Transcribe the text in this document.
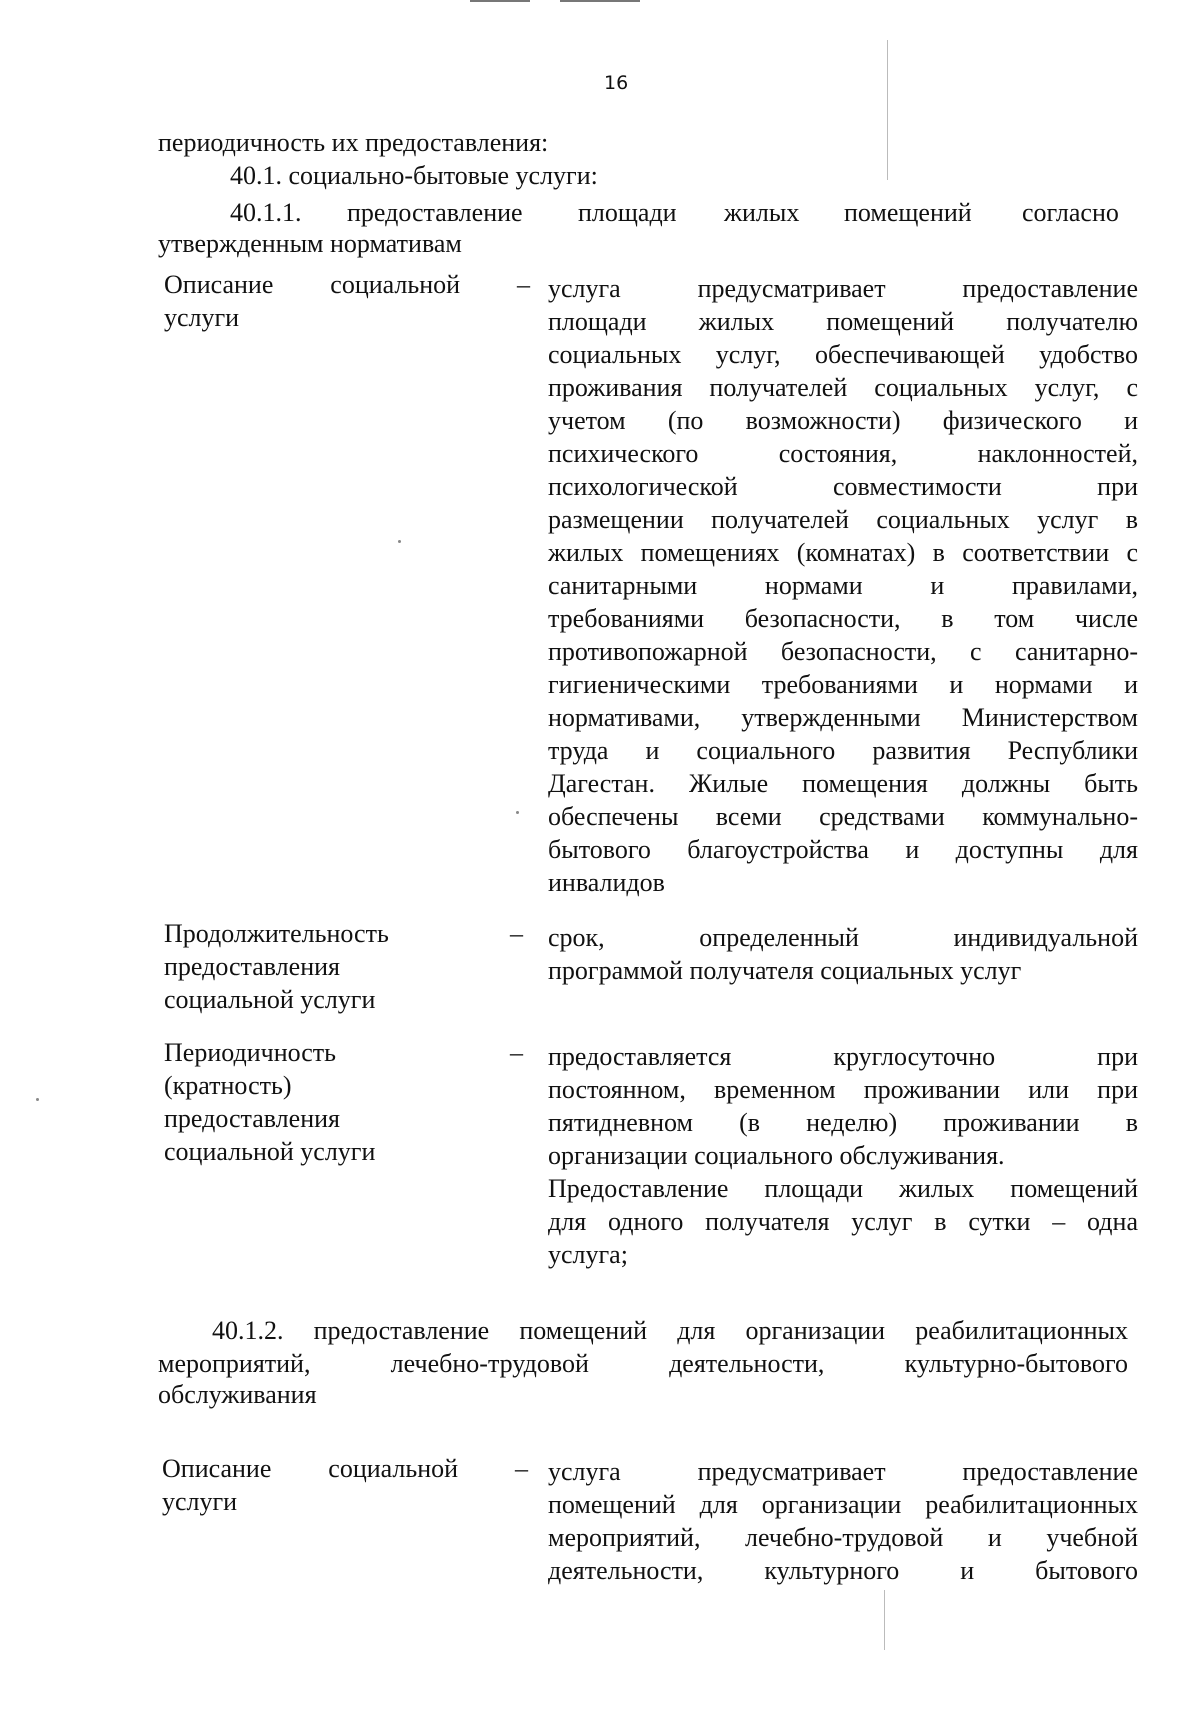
16
периодичность их предоставления:
40.1. социально-бытовые услуги:
40.1.1. предоставление площади жилых помещений согласно
утвержденным нормативам
Описание социальной –
услуги
услуга предусматривает предоставление
площади жилых помещений получателю
социальных услуг, обеспечивающей удобство
проживания получателей социальных услуг, с
учетом (по возможности) физического и
психического состояния, наклонностей,
психологической совместимости при
размещении получателей социальных услуг в
жилых помещениях (комнатах) в соответствии с
санитарными нормами и правилами,
требованиями безопасности, в том числе
противопожарной безопасности, с санитарно-
гигиеническими требованиями и нормами и
нормативами, утвержденными Министерством
труда и социального развития Республики
Дагестан. Жилые помещения должны быть
обеспечены всеми средствами коммунально-
бытового благоустройства и доступны для
инвалидов
Продолжительность
предоставления
социальной услуги
– срок, определенный индивидуальной
программой получателя социальных услуг
Периодичность
(кратность)
предоставления
социальной услуги
– предоставляется круглосуточно при
постоянном, временном проживании или при
пятидневном (в неделю) проживании в
организации социального обслуживания.
Предоставление площади жилых помещений
для одного получателя услуг в сутки – одна
услуга;
40.1.2. предоставление помещений для организации реабилитационных
мероприятий, лечебно-трудовой деятельности, культурно-бытового
обслуживания
Описание социальной –
услуги
услуга предусматривает предоставление
помещений для организации реабилитационных
мероприятий, лечебно-трудовой и учебной
деятельности, культурного и бытового
